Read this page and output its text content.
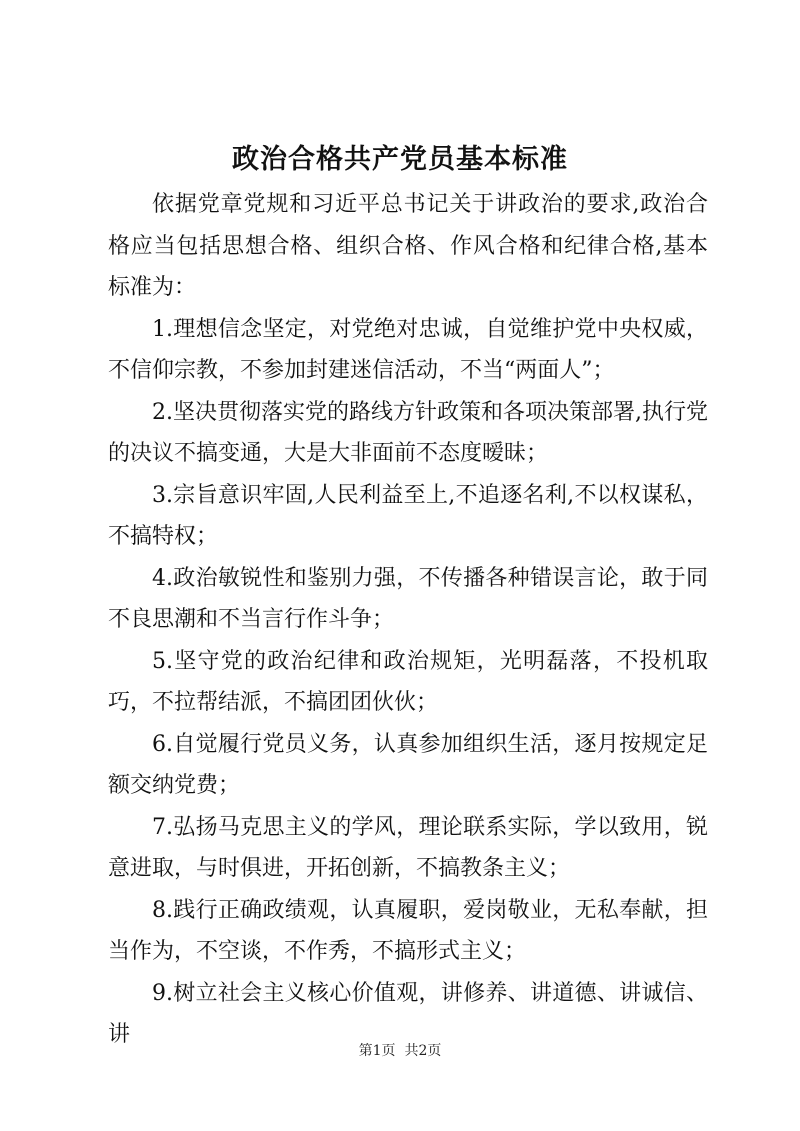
政治合格共产党员基本标准

依据党章党规和习近平总书记关于讲政治的要求,政治合格应当包括思想合格、组织合格、作风合格和纪律合格,基本标准为：

1.理想信念坚定，对党绝对忠诚，自觉维护党中央权威，不信仰宗教，不参加封建迷信活动，不当“两面人”；

2.坚决贯彻落实党的路线方针政策和各项决策部署,执行党的决议不搞变通，大是大非面前不态度暧昧；

3.宗旨意识牢固,人民利益至上,不追逐名利,不以权谋私，不搞特权；

4.政治敏锐性和鉴别力强，不传播各种错误言论，敢于同不良思潮和不当言行作斗争；

5.坚守党的政治纪律和政治规矩，光明磊落，不投机取巧，不拉帮结派，不搞团团伙伙；

6.自觉履行党员义务，认真参加组织生活，逐月按规定足额交纳党费；

7.弘扬马克思主义的学风，理论联系实际，学以致用，锐意进取，与时俱进，开拓创新，不搞教条主义；

8.践行正确政绩观，认真履职，爱岗敬业，无私奉献，担当作为，不空谈，不作秀，不搞形式主义；

9.树立社会主义核心价值观，讲修养、讲道德、讲诚信、讲

第1页  共2页
